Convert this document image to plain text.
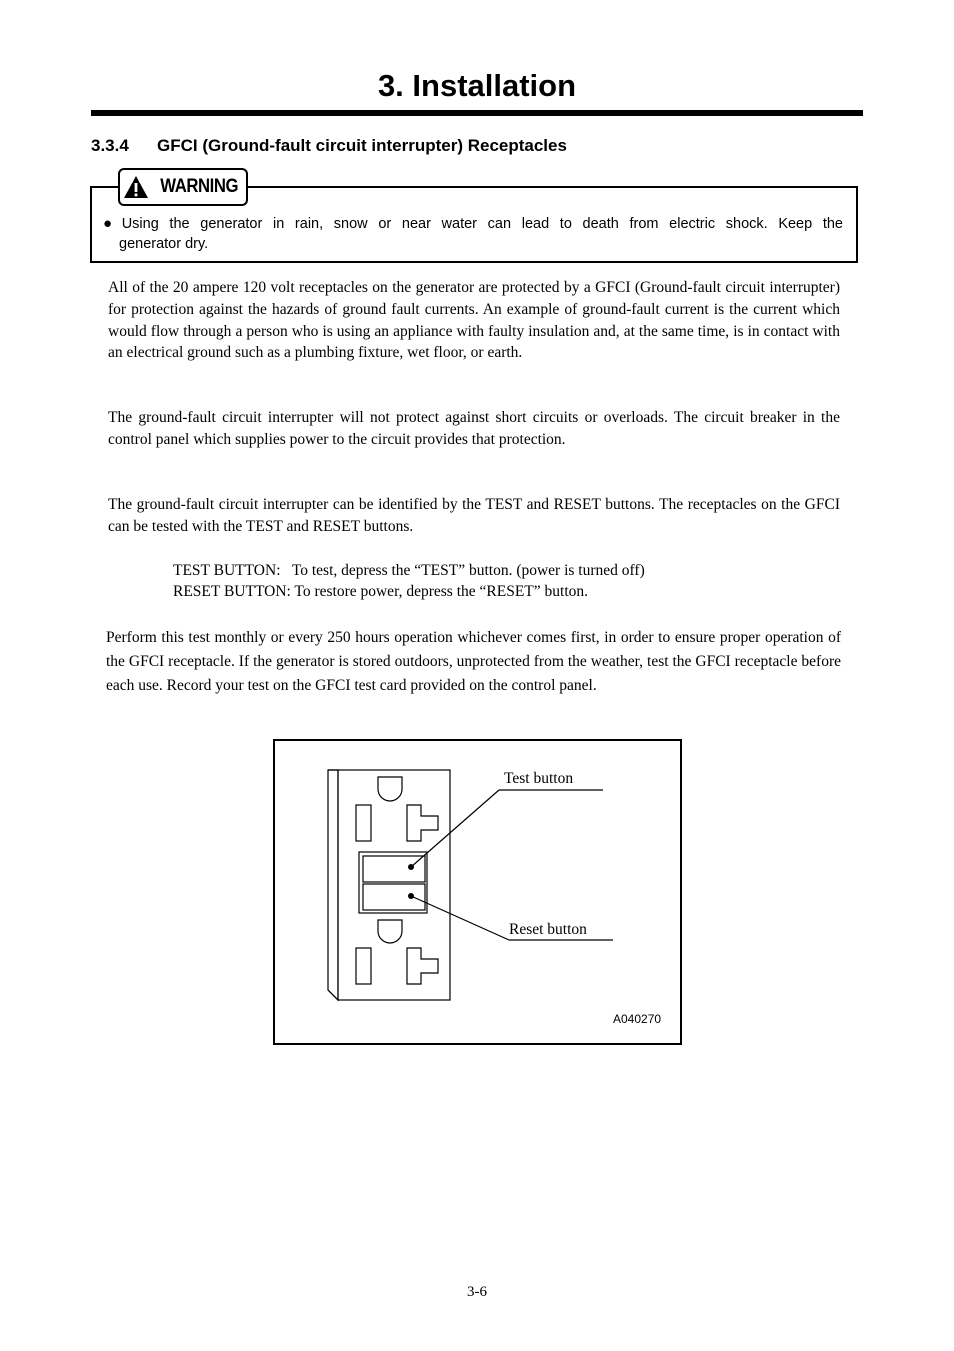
3. Installation
3.3.4 GFCI (Ground-fault circuit interrupter) Receptacles
WARNING
● Using the generator in rain, snow or near water can lead to death from electric shock. Keep the
generator dry.
All of the 20 ampere 120 volt receptacles on the generator are protected by a GFCI (Ground-fault circuit interrupter) for protection against the hazards of ground fault currents. An example of ground-fault current is the current which would flow through a person who is using an appliance with faulty insulation and, at the same time, is in contact with an electrical ground such as a plumbing fixture, wet floor, or earth.
The ground-fault circuit interrupter will not protect against short circuits or overloads. The circuit breaker in the control panel which supplies power to the circuit provides that protection.
The ground-fault circuit interrupter can be identified by the TEST and RESET buttons. The receptacles on the GFCI can be tested with the TEST and RESET buttons.
TEST BUTTON:   To test, depress the “TEST” button. (power is turned off)
RESET BUTTON: To restore power, depress the “RESET” button.
Perform this test monthly or every 250 hours operation whichever comes first, in order to ensure proper operation of the GFCI receptacle. If the generator is stored outdoors, unprotected from the weather, test the GFCI receptacle before each use. Record your test on the GFCI test card provided on the control panel.
Test button
Reset button
A040270
3-6
